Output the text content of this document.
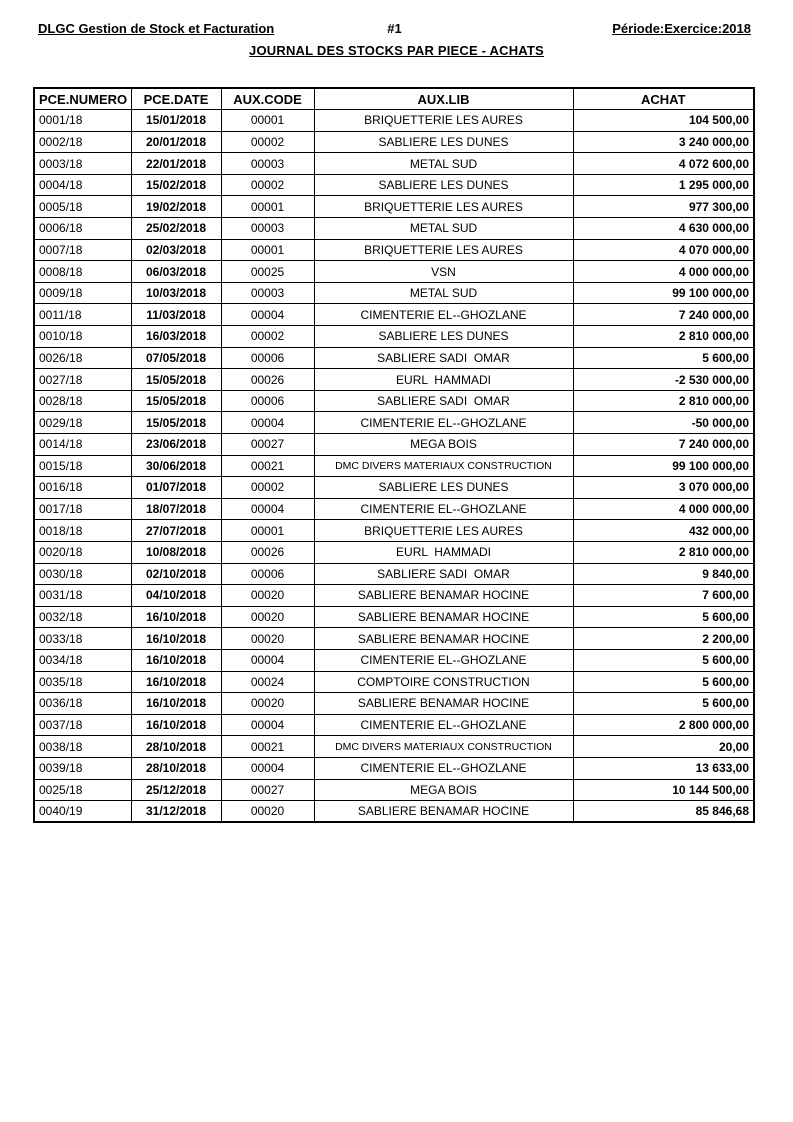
DLGC Gestion de Stock et Facturation	#1	Période:Exercice:2018
JOURNAL DES STOCKS PAR PIECE - ACHATS
PCE.NUMERO	PCE.DATE	AUX.CODE	AUX.LIB	ACHAT
0001/18	15/01/2018	00001	BRIQUETTERIE LES AURES	104 500,00
0002/18	20/01/2018	00002	SABLIERE LES DUNES	3 240 000,00
0003/18	22/01/2018	00003	METAL SUD	4 072 600,00
0004/18	15/02/2018	00002	SABLIERE LES DUNES	1 295 000,00
0005/18	19/02/2018	00001	BRIQUETTERIE LES AURES	977 300,00
0006/18	25/02/2018	00003	METAL SUD	4 630 000,00
0007/18	02/03/2018	00001	BRIQUETTERIE LES AURES	4 070 000,00
0008/18	06/03/2018	00025	VSN	4 000 000,00
0009/18	10/03/2018	00003	METAL SUD	99 100 000,00
0011/18	11/03/2018	00004	CIMENTERIE EL--GHOZLANE	7 240 000,00
0010/18	16/03/2018	00002	SABLIERE LES DUNES	2 810 000,00
0026/18	07/05/2018	00006	SABLIERE SADI  OMAR	5 600,00
0027/18	15/05/2018	00026	EURL  HAMMADI	-2 530 000,00
0028/18	15/05/2018	00006	SABLIERE SADI  OMAR	2 810 000,00
0029/18	15/05/2018	00004	CIMENTERIE EL--GHOZLANE	-50 000,00
0014/18	23/06/2018	00027	MEGA BOIS	7 240 000,00
0015/18	30/06/2018	00021	DMC DIVERS MATERIAUX CONSTRUCTION	99 100 000,00
0016/18	01/07/2018	00002	SABLIERE LES DUNES	3 070 000,00
0017/18	18/07/2018	00004	CIMENTERIE EL--GHOZLANE	4 000 000,00
0018/18	27/07/2018	00001	BRIQUETTERIE LES AURES	432 000,00
0020/18	10/08/2018	00026	EURL  HAMMADI	2 810 000,00
0030/18	02/10/2018	00006	SABLIERE SADI  OMAR	9 840,00
0031/18	04/10/2018	00020	SABLIERE BENAMAR HOCINE	7 600,00
0032/18	16/10/2018	00020	SABLIERE BENAMAR HOCINE	5 600,00
0033/18	16/10/2018	00020	SABLIERE BENAMAR HOCINE	2 200,00
0034/18	16/10/2018	00004	CIMENTERIE EL--GHOZLANE	5 600,00
0035/18	16/10/2018	00024	COMPTOIRE CONSTRUCTION	5 600,00
0036/18	16/10/2018	00020	SABLIERE BENAMAR HOCINE	5 600,00
0037/18	16/10/2018	00004	CIMENTERIE EL--GHOZLANE	2 800 000,00
0038/18	28/10/2018	00021	DMC DIVERS MATERIAUX CONSTRUCTION	20,00
0039/18	28/10/2018	00004	CIMENTERIE EL--GHOZLANE	13 633,00
0025/18	25/12/2018	00027	MEGA BOIS	10 144 500,00
0040/19	31/12/2018	00020	SABLIERE BENAMAR HOCINE	85 846,68
